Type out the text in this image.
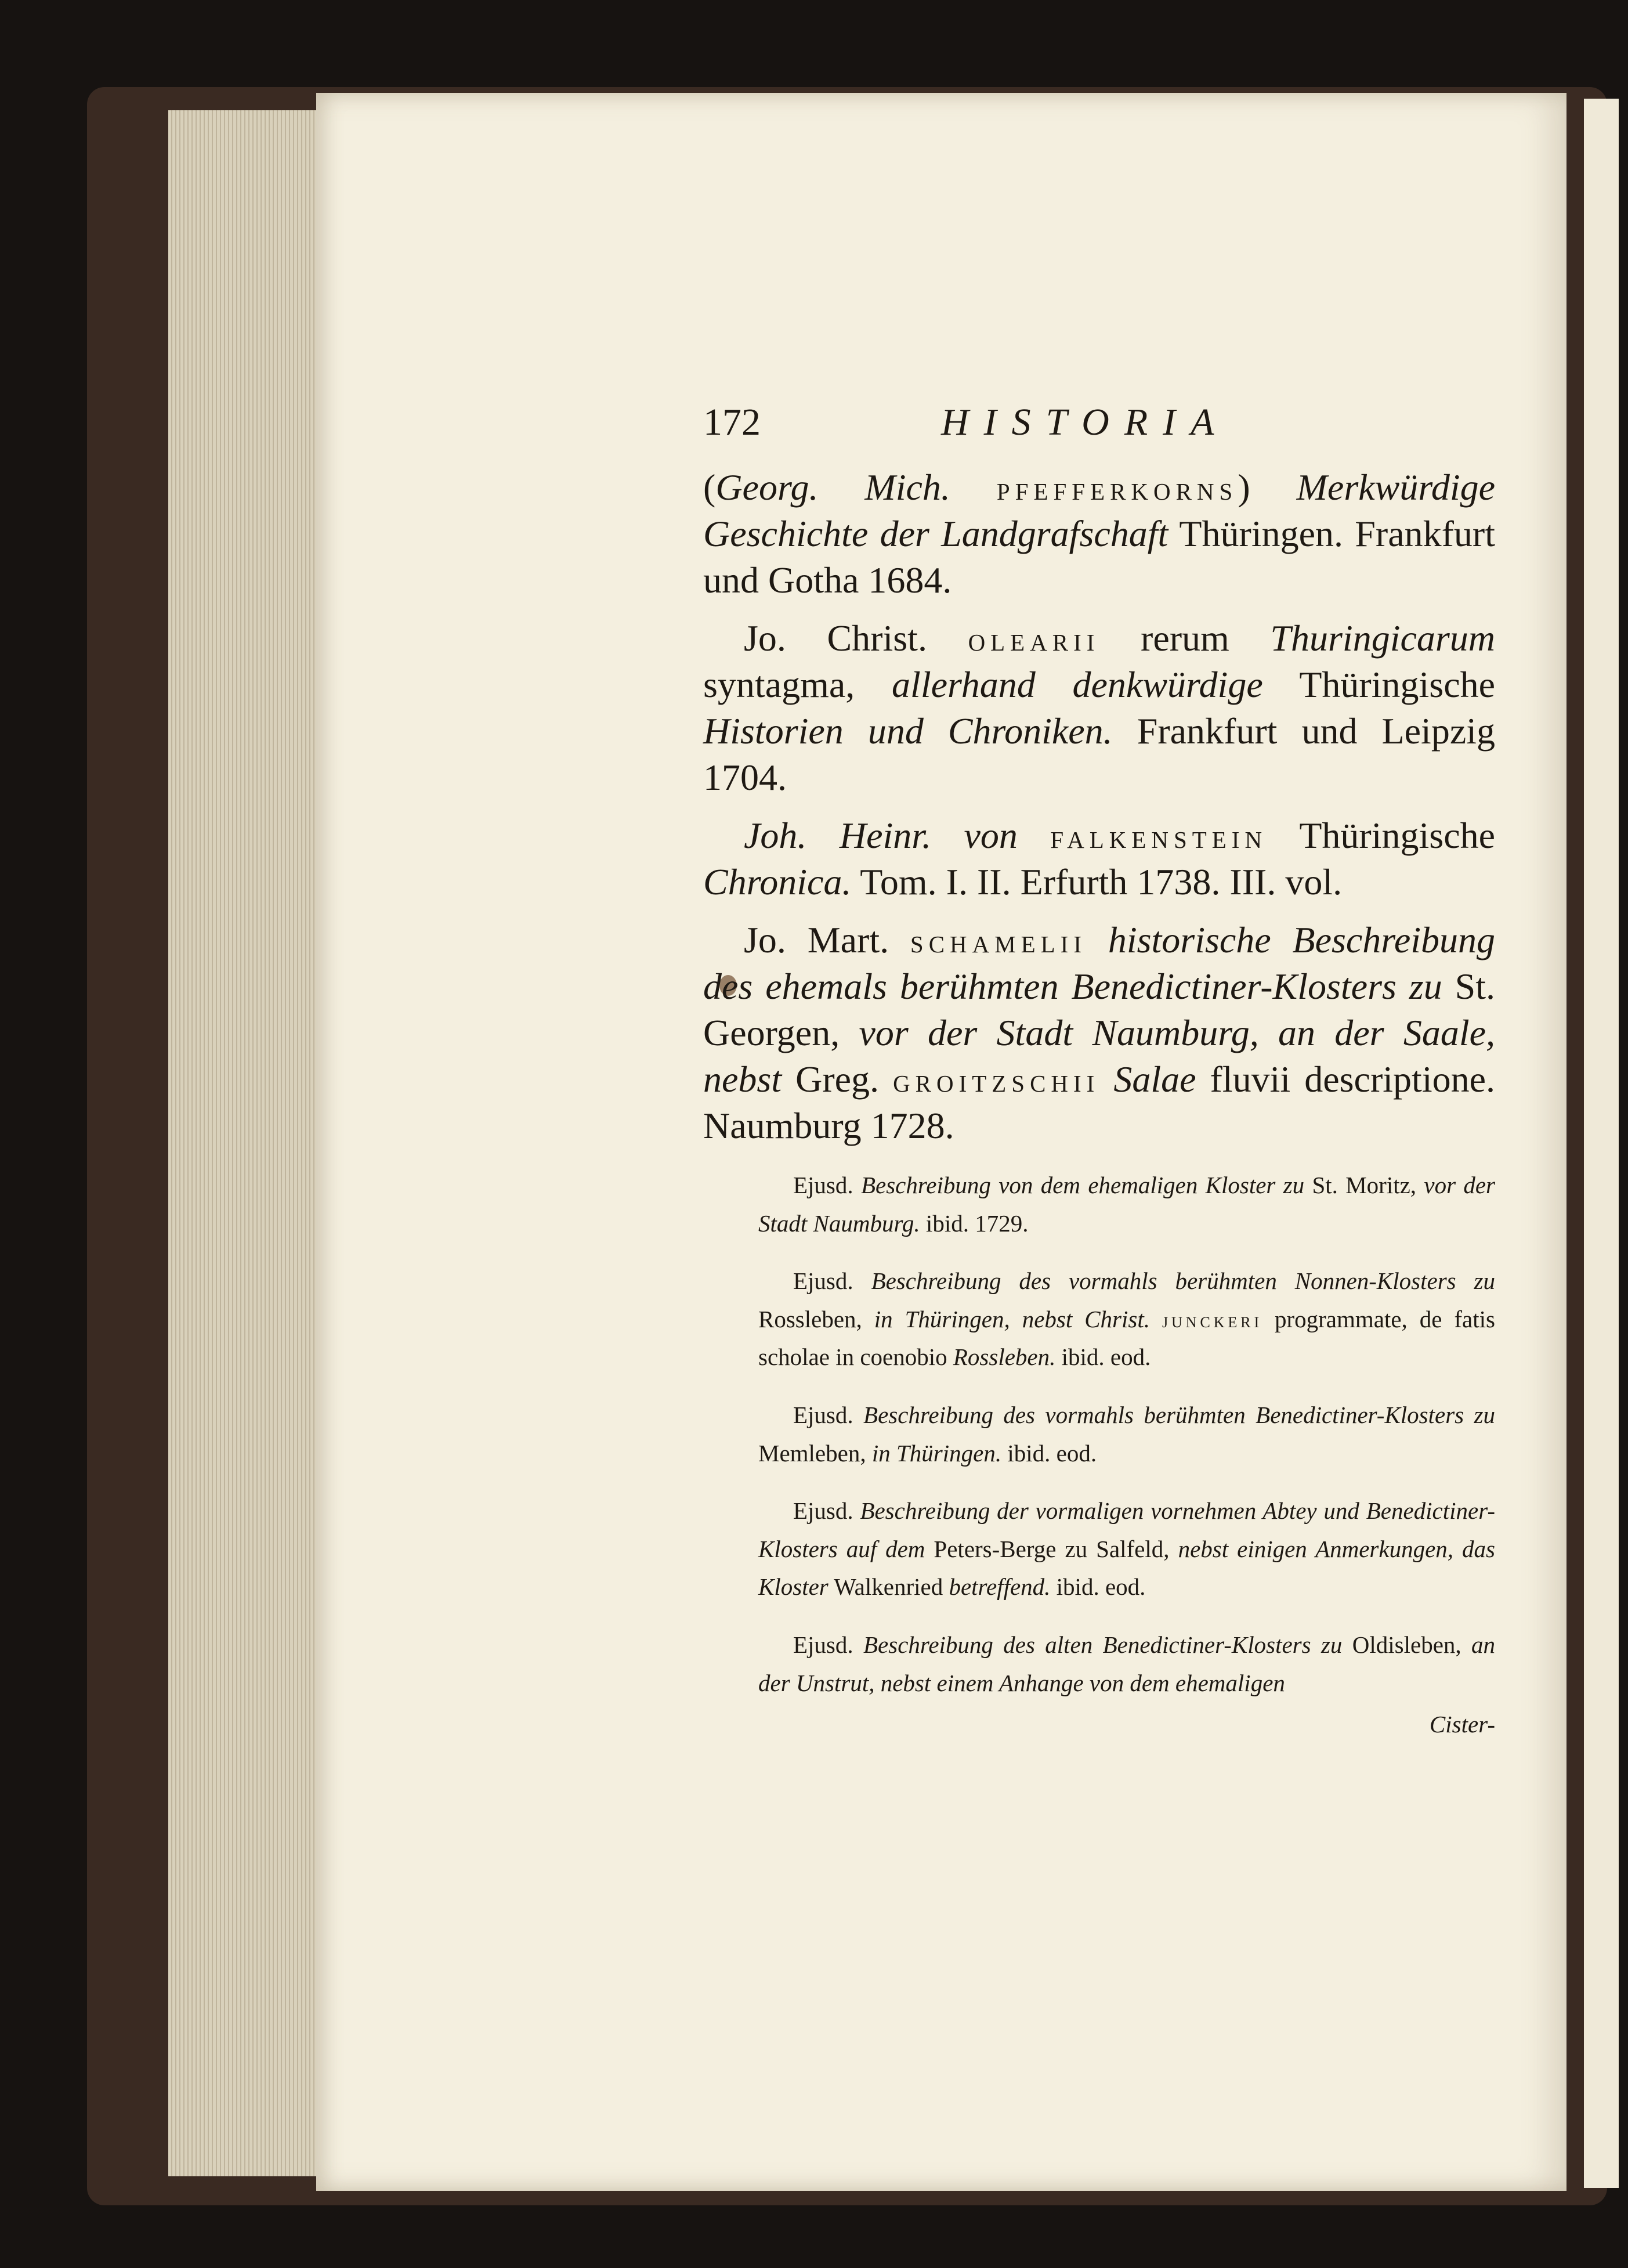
172	HISTORIA

(Georg. Mich. PFEFFERKORNS) Merkwürdige Geschichte der Landgrafschaft Thüringen. Frankfurt und Gotha 1684.

Jo. Christ. OLEARII rerum Thuringicarum syntagma, allerhand denkwürdige Thüringische Historien und Chroniken. Frankfurt und Leipzig 1704.

Joh. Heinr. von FALKENSTEIN Thüringische Chronica. Tom. I. II. Erfurth 1738. III. vol.

Jo. Mart. SCHAMELII historische Beschreibung des ehemals berühmten Benedictiner-Klosters zu St. Georgen, vor der Stadt Naumburg, an der Saale, nebst Greg. GROITZSCHII Salae fluvii descriptione. Naumburg 1728.

Ejusd. Beschreibung von dem ehemaligen Kloster zu St. Moritz, vor der Stadt Naumburg. ibid. 1729.

Ejusd. Beschreibung des vormahls berühmten Nonnen-Klosters zu Rossleben, in Thüringen, nebst Christ. JUNCKERI programmate, de fatis scholae in coenobio Rossleben. ibid. eod.

Ejusd. Beschreibung des vormahls berühmten Benedictiner-Klosters zu Memleben, in Thüringen. ibid. eod.

Ejusd. Beschreibung der vormaligen vornehmen Abtey und Benedictiner-Klosters auf dem Peters-Berge zu Salfeld, nebst einigen Anmerkungen, das Kloster Walkenried betreffend. ibid. eod.

Ejusd. Beschreibung des alten Benedictiner-Klosters zu Oldisleben, an der Unstrut, nebst einem Anhange von dem ehemaligen

Cister-
